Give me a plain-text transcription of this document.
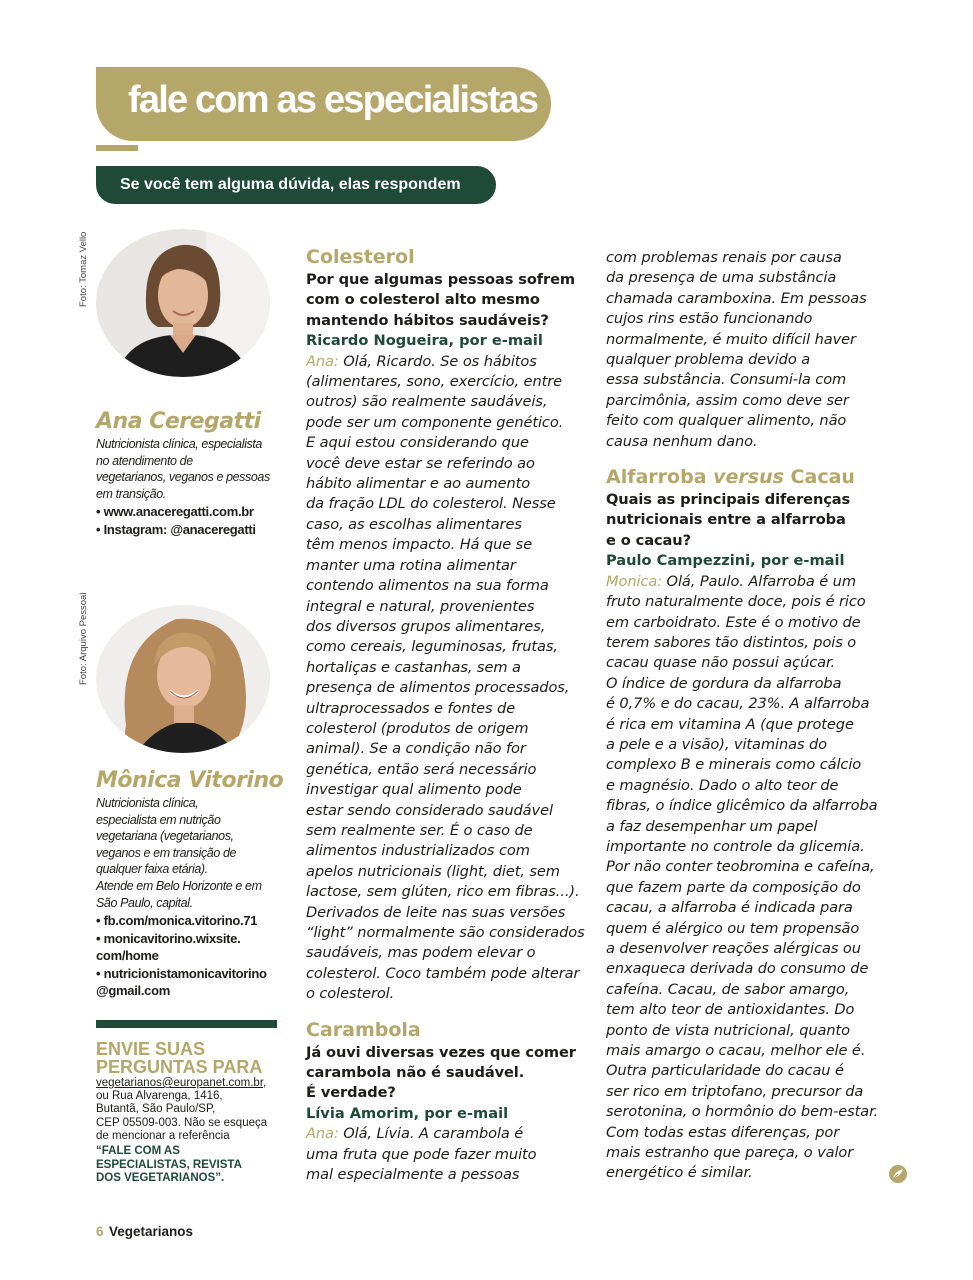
fale com as especialistas
Se você tem alguma dúvida, elas respondem
Foto: Tomaz Vello
Ana Ceregatti
Nutricionista clínica, especialista
no atendimento de
vegetarianos, veganos e pessoas
em transição.
• www.anaceregatti.com.br
• Instagram: @anaceregatti
Foto: Arquivo Pessoal
Mônica Vitorino
Nutricionista clínica,
especialista em nutrição
vegetariana (vegetarianos,
veganos e em transição de
qualquer faixa etária).
Atende em Belo Horizonte e em
São Paulo, capital.
• fb.com/monica.vitorino.71
• monicavitorino.wixsite.
com/home
• nutricionistamonicavitorino
@gmail.com
ENVIE SUAS
PERGUNTAS PARA
vegetarianos@europanet.com.br,
ou Rua Alvarenga, 1416,
Butantã, São Paulo/SP,
CEP 05509-003. Não se esqueça
de mencionar a referência
“FALE COM AS
ESPECIALISTAS, REVISTA
DOS VEGETARIANOS”.
Colesterol
Por que algumas pessoas sofrem
com o colesterol alto mesmo
mantendo hábitos saudáveis?
Ricardo Nogueira, por e-mail
Ana: Olá, Ricardo. Se os hábitos
(alimentares, sono, exercício, entre
outros) são realmente saudáveis,
pode ser um componente genético.
E aqui estou considerando que
você deve estar se referindo ao
hábito alimentar e ao aumento
da fração LDL do colesterol. Nesse
caso, as escolhas alimentares
têm menos impacto. Há que se
manter uma rotina alimentar
contendo alimentos na sua forma
integral e natural, provenientes
dos diversos grupos alimentares,
como cereais, leguminosas, frutas,
hortaliças e castanhas, sem a
presença de alimentos processados,
ultraprocessados e fontes de
colesterol (produtos de origem
animal). Se a condição não for
genética, então será necessário
investigar qual alimento pode
estar sendo considerado saudável
sem realmente ser. É o caso de
alimentos industrializados com
apelos nutricionais (light, diet, sem
lactose, sem glúten, rico em fibras...).
Derivados de leite nas suas versões
“light” normalmente são considerados
saudáveis, mas podem elevar o
colesterol. Coco também pode alterar
o colesterol.
Carambola
Já ouvi diversas vezes que comer
carambola não é saudável.
É verdade?
Lívia Amorim, por e-mail
Ana: Olá, Lívia. A carambola é
uma fruta que pode fazer muito
mal especialmente a pessoas
com problemas renais por causa
da presença de uma substância
chamada caramboxina. Em pessoas
cujos rins estão funcionando
normalmente, é muito difícil haver
qualquer problema devido a
essa substância. Consumi-la com
parcimônia, assim como deve ser
feito com qualquer alimento, não
causa nenhum dano.
Alfarroba versus Cacau
Quais as principais diferenças
nutricionais entre a alfarroba
e o cacau?
Paulo Campezzini, por e-mail
Monica: Olá, Paulo. Alfarroba é um
fruto naturalmente doce, pois é rico
em carboidrato. Este é o motivo de
terem sabores tão distintos, pois o
cacau quase não possui açúcar.
O índice de gordura da alfarroba
é 0,7% e do cacau, 23%. A alfarroba
é rica em vitamina A (que protege
a pele e a visão), vitaminas do
complexo B e minerais como cálcio
e magnésio. Dado o alto teor de
fibras, o índice glicêmico da alfarroba
a faz desempenhar um papel
importante no controle da glicemia.
Por não conter teobromina e cafeína,
que fazem parte da composição do
cacau, a alfarroba é indicada para
quem é alérgico ou tem propensão
a desenvolver reações alérgicas ou
enxaqueca derivada do consumo de
cafeína. Cacau, de sabor amargo,
tem alto teor de antioxidantes. Do
ponto de vista nutricional, quanto
mais amargo o cacau, melhor ele é.
Outra particularidade do cacau é
ser rico em triptofano, precursor da
serotonina, o hormônio do bem-estar.
Com todas estas diferenças, por
mais estranho que pareça, o valor
energético é similar.
6 Vegetarianos
